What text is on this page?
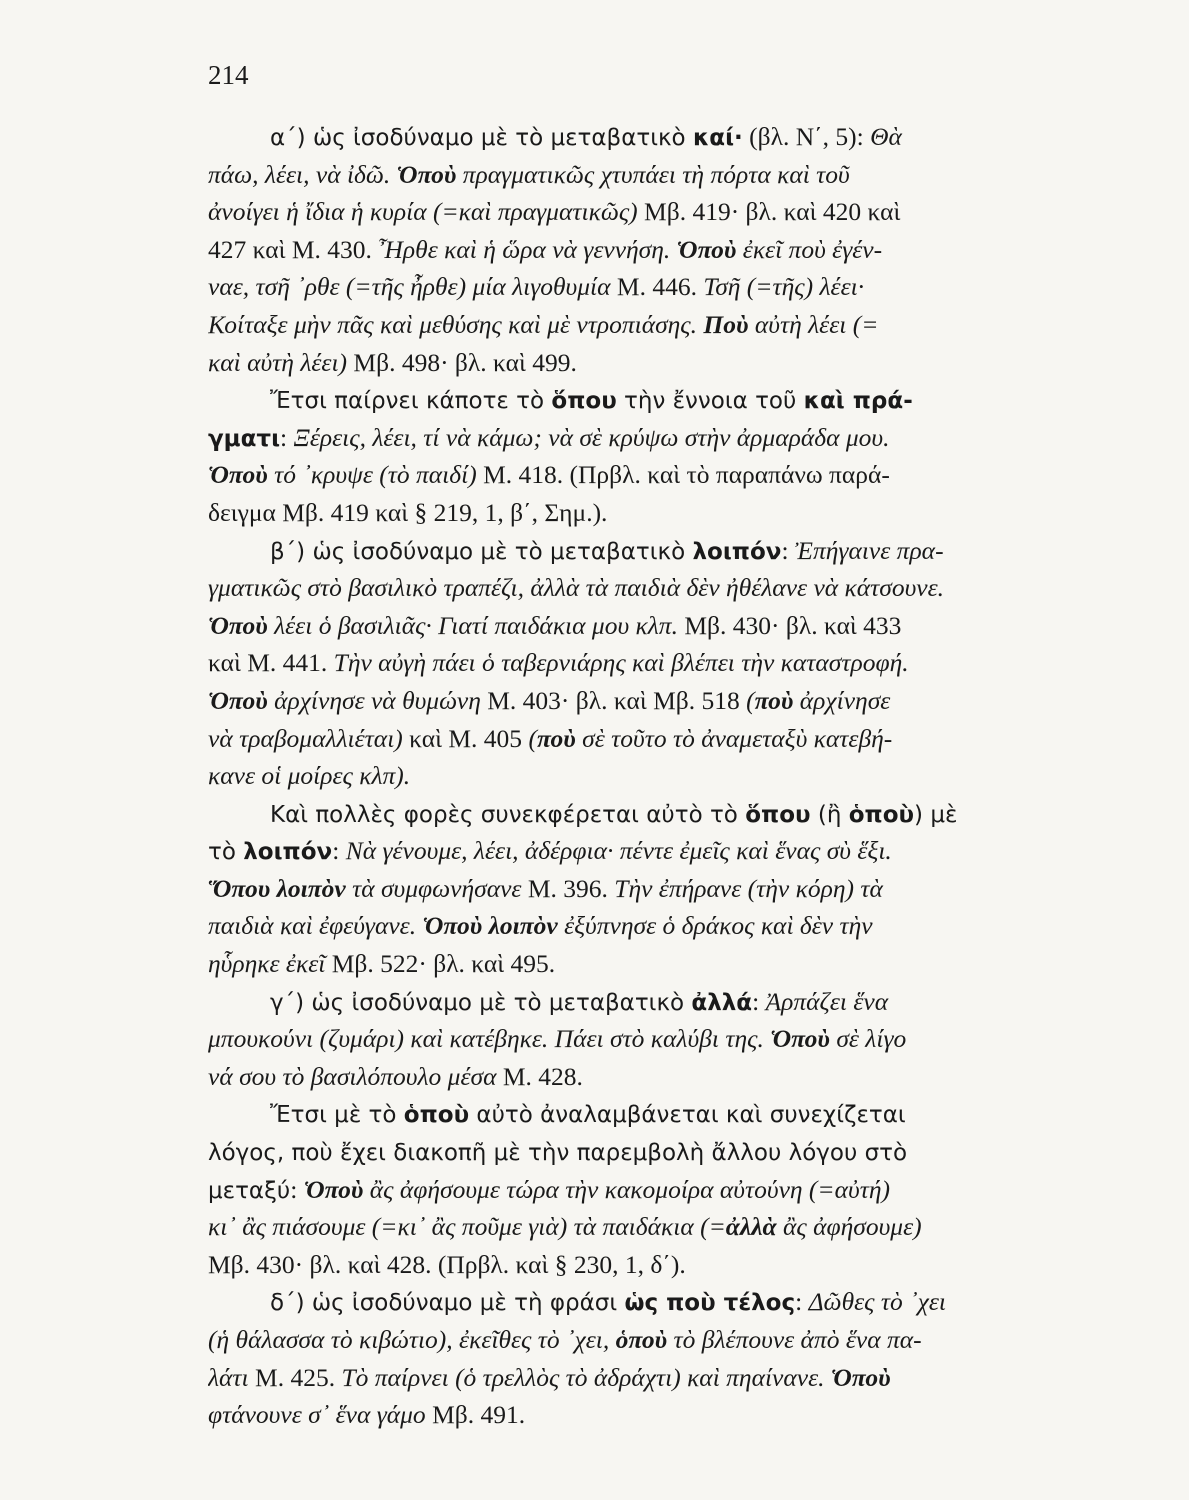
214
α΄) ὡς ἰσοδύναμο μὲ τὸ μεταβατικὸ καί· (βλ. Ν΄, 5): Θὰ
πάω, λέει, νὰ ἰδῶ. Ὁποὺ πραγματικῶς χτυπάει τὴ πόρτα καὶ τοῦ
ἀνοίγει ἡ ἴδια ἡ κυρία (=καὶ πραγματικῶς) Μβ. 419· βλ. καὶ 420 καὶ
427 καὶ Μ. 430. Ἦρθε καὶ ἡ ὥρα νὰ γεννήση. Ὁποὺ ἐκεῖ ποὺ ἐγέν-
ναε, τσῆ ᾽ρθε (=τῆς ἦρθε) μία λιγοθυμία Μ. 446. Τσῆ (=τῆς) λέει·
Κοίταξε μὴν πᾶς καὶ μεθύσης καὶ μὲ ντροπιάσης. Ποὺ αὐτὴ λέει (=
καὶ αὐτὴ λέει) Μβ. 498· βλ. καὶ 499.
Ἔτσι παίρνει κάποτε τὸ ὅπου τὴν ἔννοια τοῦ καὶ πρά-
γματι: Ξέρεις, λέει, τί νὰ κάμω; νὰ σὲ κρύψω στὴν ἀρμαράδα μου.
Ὁποὺ τό ᾽κρυψε (τὸ παιδί) Μ. 418. (Πρβλ. καὶ τὸ παραπάνω παρά-
δειγμα Μβ. 419 καὶ § 219, 1, β΄, Σημ.).
β΄) ὡς ἰσοδύναμο μὲ τὸ μεταβατικὸ λοιπόν: Ἐπήγαινε πρα-
γματικῶς στὸ βασιλικὸ τραπέζι, ἀλλὰ τὰ παιδιὰ δὲν ἠθέλανε νὰ κάτσουνε.
Ὁποὺ λέει ὁ βασιλιᾶς· Γιατί παιδάκια μου κλπ. Μβ. 430· βλ. καὶ 433
καὶ Μ. 441. Τὴν αὐγὴ πάει ὁ ταβερνιάρης καὶ βλέπει τὴν καταστροφή.
Ὁποὺ ἀρχίνησε νὰ θυμώνη Μ. 403· βλ. καὶ Μβ. 518 (ποὺ ἀρχίνησε
νὰ τραβομαλλιέται) καὶ Μ. 405 (ποὺ σὲ τοῦτο τὸ ἀναμεταξὺ κατεβή-
κανε οἱ μοίρες κλπ).
Καὶ πολλὲς φορὲς συνεκφέρεται αὐτὸ τὸ ὅπου (ἢ ὁποὺ) μὲ
τὸ λοιπόν: Νὰ γένουμε, λέει, ἀδέρφια· πέντε ἐμεῖς καὶ ἕνας σὺ ἕξι.
Ὅπου λοιπὸν τὰ συμφωνήσανε Μ. 396. Τὴν ἐπήρανε (τὴν κόρη) τὰ
παιδιὰ καὶ ἐφεύγανε. Ὁποὺ λοιπὸν ἐξύπνησε ὁ δράκος καὶ δὲν τὴν
ηὗρηκε ἐκεῖ Μβ. 522· βλ. καὶ 495.
γ΄) ὡς ἰσοδύναμο μὲ τὸ μεταβατικὸ ἀλλά: Ἀρπάζει ἕνα
μπουκούνι (ζυμάρι) καὶ κατέβηκε. Πάει στὸ καλύβι της. Ὁποὺ σὲ λίγο
νά σου τὸ βασιλόπουλο μέσα Μ. 428.
Ἔτσι μὲ τὸ ὁποὺ αὐτὸ ἀναλαμβάνεται καὶ συνεχίζεται
λόγος, ποὺ ἔχει διακοπῆ μὲ τὴν παρεμβολὴ ἄλλου λόγου στὸ
μεταξύ: Ὁποὺ ἂς ἀφήσουμε τώρα τὴν κακομοίρα αὐτούνη (=αὐτή)
κι᾽ ἂς πιάσουμε (=κι᾽ ἂς ποῦμε γιὰ) τὰ παιδάκια (=ἀλλὰ ἂς ἀφήσουμε)
Μβ. 430· βλ. καὶ 428. (Πρβλ. καὶ § 230, 1, δ΄).
δ΄) ὡς ἰσοδύναμο μὲ τὴ φράσι ὡς ποὺ τέλος: Δῶθες τὸ ᾽χει
(ἡ θάλασσα τὸ κιβώτιο), ἐκεῖθες τὸ ᾽χει, ὁποὺ τὸ βλέπουνε ἀπὸ ἕνα πα-
λάτι Μ. 425. Τὸ παίρνει (ὁ τρελλὸς τὸ ἀδράχτι) καὶ πηαίνανε. Ὁποὺ
φτάνουνε σ᾽ ἕνα γάμο Μβ. 491.
